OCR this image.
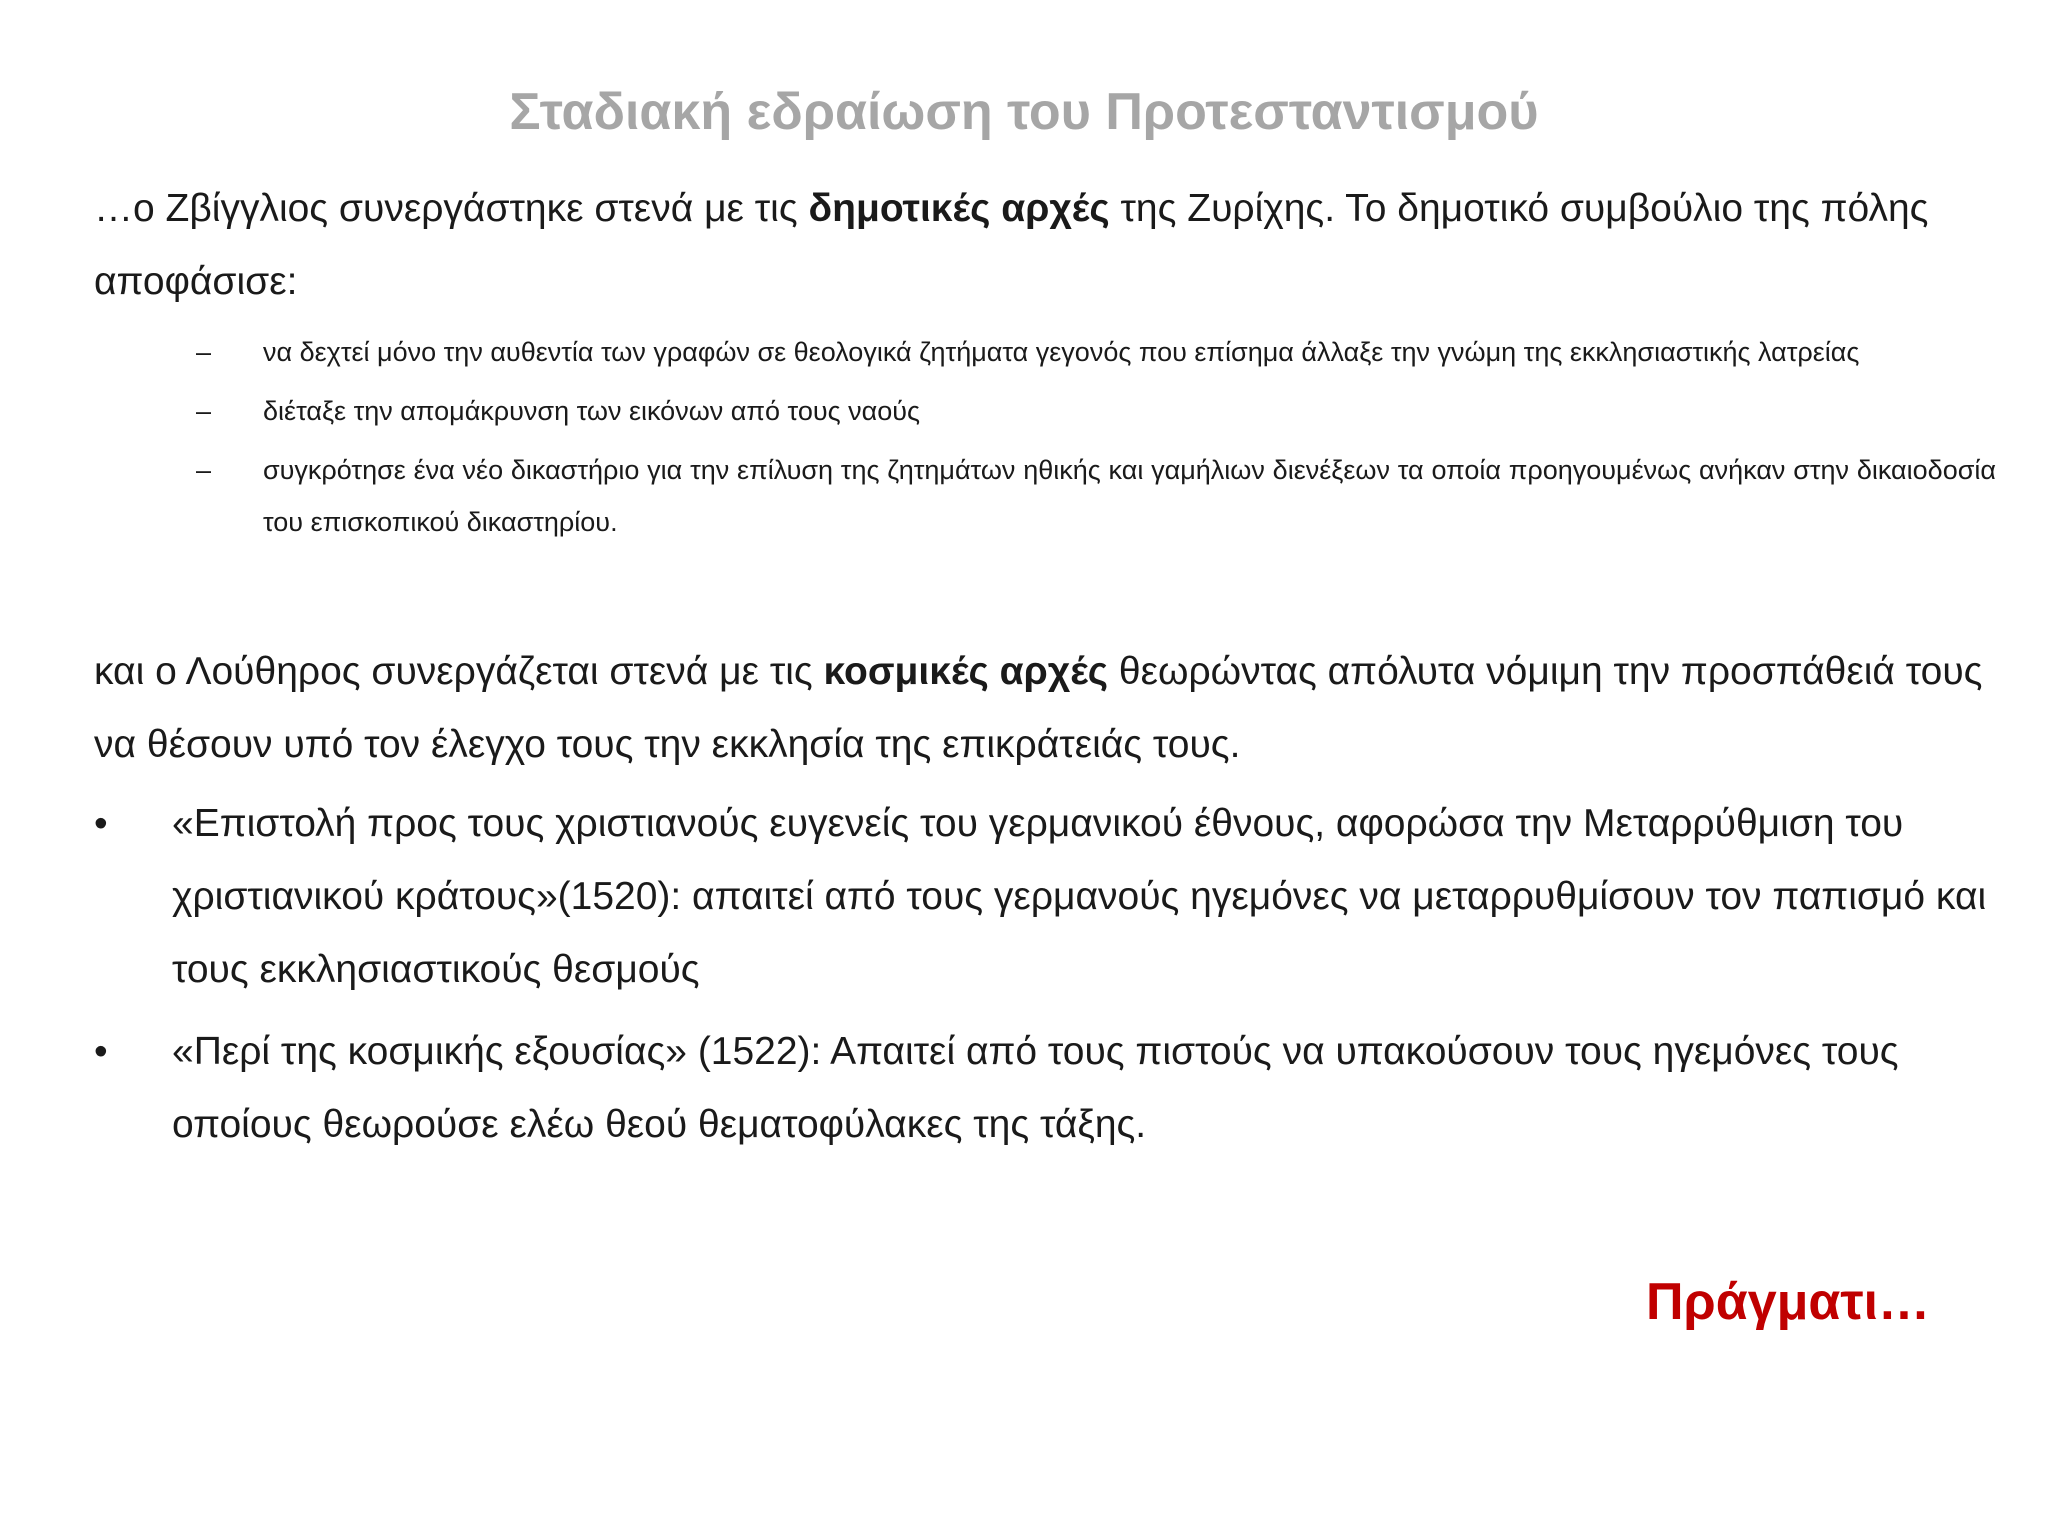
Σταδιακή εδραίωση του Προτεσταντισμού
…ο Ζβίγγλιος συνεργάστηκε στενά με τις δημοτικές αρχές της Ζυρίχης. Το δημοτικό συμβούλιο της πόλης αποφάσισε:
– να δεχτεί μόνο την αυθεντία των γραφών σε θεολογικά ζητήματα γεγονός που επίσημα άλλαξε την γνώμη της εκκλησιαστικής λατρείας
– διέταξε την απομάκρυνση των εικόνων από τους ναούς
– συγκρότησε ένα νέο δικαστήριο για την επίλυση της ζητημάτων ηθικής και γαμήλιων διενέξεων τα οποία προηγουμένως ανήκαν στην δικαιοδοσία του επισκοπικού δικαστηρίου.
και ο Λούθηρος συνεργάζεται στενά με τις κοσμικές αρχές θεωρώντας απόλυτα νόμιμη την προσπάθειά τους να θέσουν υπό τον έλεγχο τους την εκκλησία της επικράτειάς τους.
• «Επιστολή προς τους χριστιανούς ευγενείς του γερμανικού έθνους, αφορώσα την Μεταρρύθμιση του χριστιανικού κράτους»(1520): απαιτεί από τους γερμανούς ηγεμόνες να μεταρρυθμίσουν τον παπισμό και τους εκκλησιαστικούς θεσμούς
• «Περί της κοσμικής εξουσίας» (1522): Απαιτεί από τους πιστούς να υπακούσουν τους ηγεμόνες τους οποίους θεωρούσε ελέω θεού θεματοφύλακες της τάξης.
Πράγματι…
